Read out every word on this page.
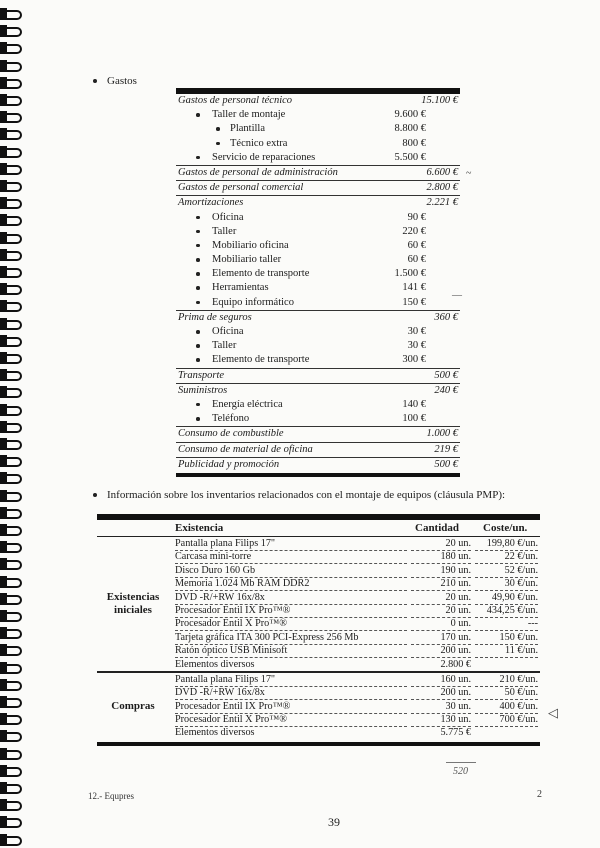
Gastos
Gastos de personal técnico	15.100 €
Taller de montaje	9.600 €
Plantilla	8.800 €
Técnico extra	800 €
Servicio de reparaciones	5.500 €
Gastos de personal de administración	6.600 €
Gastos de personal comercial	2.800 €
Amortizaciones	2.221 €
Oficina	90 €
Taller	220 €
Mobiliario oficina	60 €
Mobiliario taller	60 €
Elemento de transporte	1.500 €
Herramientas	141 €
Equipo informático	150 €
Prima de seguros	360 €
Oficina	30 €
Taller	30 €
Elemento de transporte	300 €
Transporte	500 €
Suministros	240 €
Energía eléctrica	140 €
Teléfono	100 €
Consumo de combustible	1.000 €
Consumo de material de oficina	219 €
Publicidad y promoción	500 €
~
—
Información sobre los inventarios relacionados con el montaje de equipos (cláusula PMP):
Existencia	Cantidad Coste/un.
Existencias iniciales
Pantalla plana Filips 17"	20 un.	199,80 €/un.
Carcasa mini-torre	180 un.	22 €/un.
Disco Duro 160 Gb	190 un.	52 €/un.
Memoria 1.024 Mb RAM DDR2	210 un.	30 €/un.
DVD -R/+RW 16x/8x	20 un.	49,90 €/un.
Procesador Entil IX Pro™®	20 un.	434,25 €/un.
Procesador Entil X Pro™®	0 un.	---
Tarjeta gráfica ITA 300 PCI-Express 256 Mb	170 un.	150 €/un.
Ratón óptico USB Minisoft	200 un.	11 €/un.
Elementos diversos	2.800 €
Compras
Pantalla plana Filips 17"	160 un.	210 €/un.
DVD -R/+RW 16x/8x	200 un.	50 €/un.
Procesador Entil IX Pro™®	30 un.	400 €/un.
Procesador Entil X Pro™®	130 un.	700 €/un.
Elementos diversos	5.775 €
◁
520
12.- Equpres	2
39
